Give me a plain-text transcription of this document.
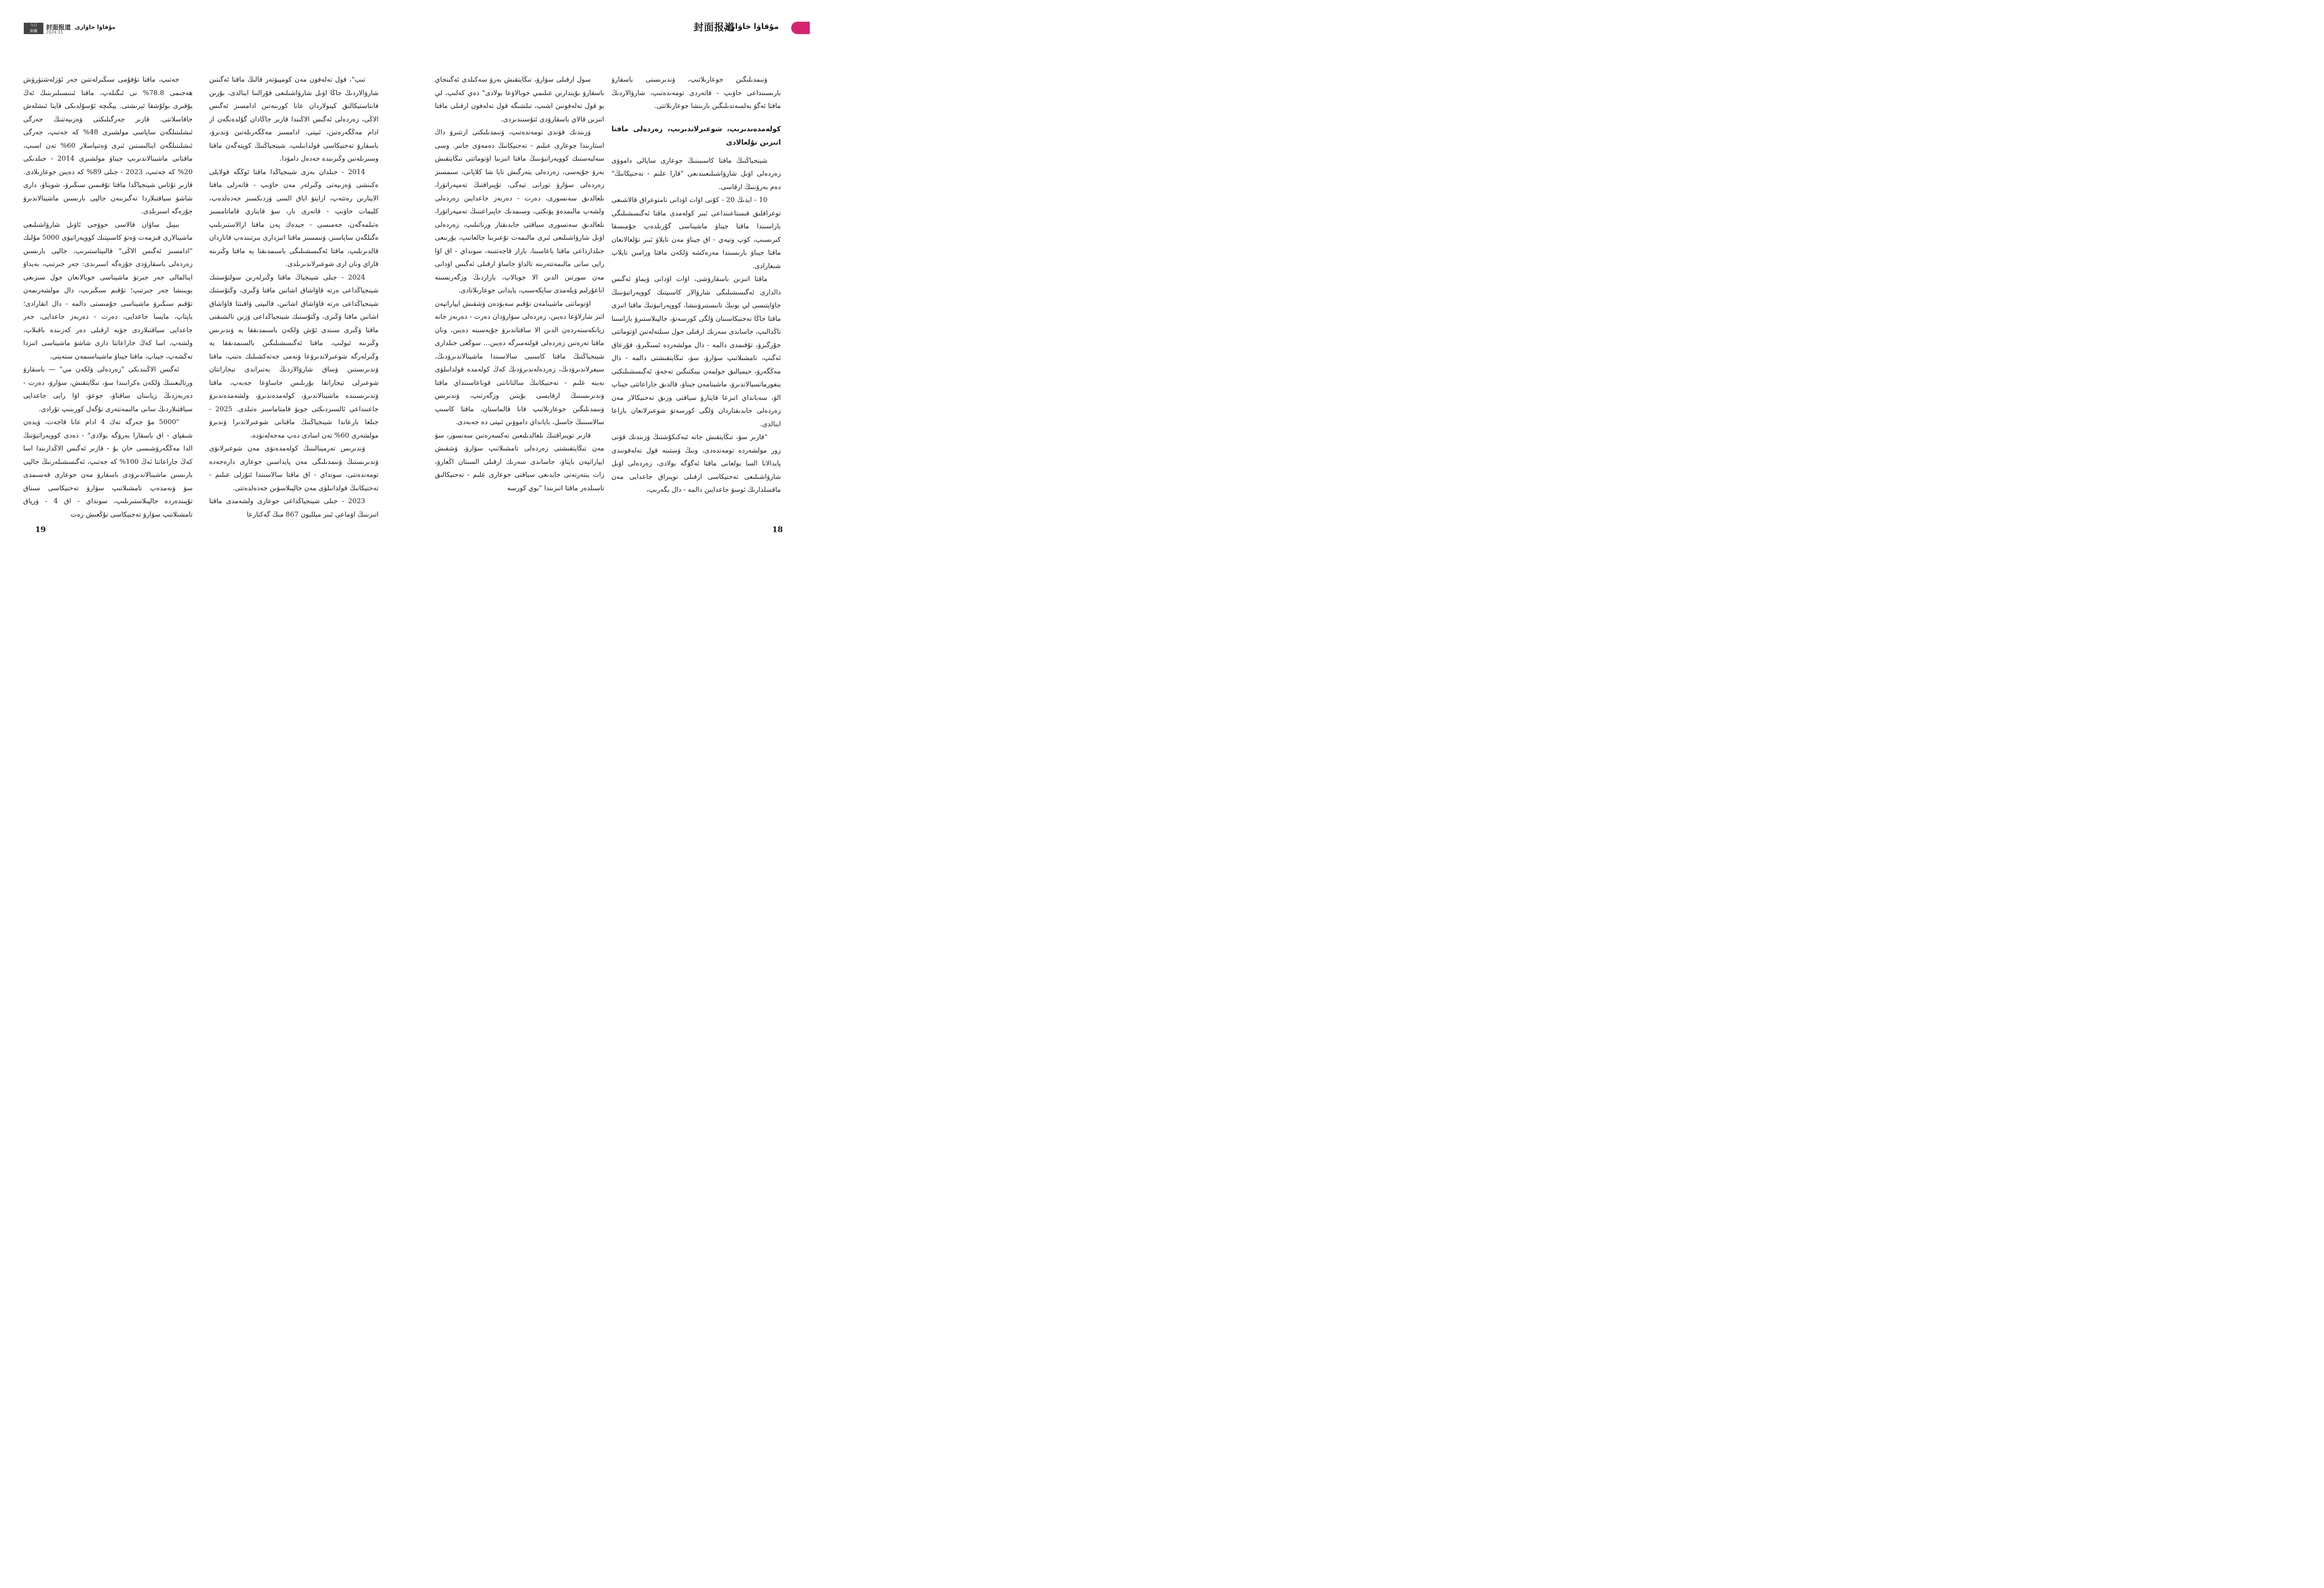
今日
新疆	封面报道
2024.11
مۇقاۋا خاۋارى

تىپ"، قول تەلەفون مەن كومپيۋتەر قالىڭ ماقتا ئەگىتىن شارۋالاردىڭ جاڭا اۋىل شارۋاشىلىعى قۇرالىنا اينالدى، بۇرىن فانتاستيكالىق كينولاردان عانا كورىنەتىن ادامسىز ئەگىس الاڭى، زەردەلى ئەگىس الاڭىندا قازىر جاڭادان گۇلدەنگەن از ادام مەڭگەرەتىن، ئىپتى، ادامسىز مەڭگەرىلەتىن ۋندىرۋ، باسقارۋ تەحنيكاسى قولدانىلىپ، شينجياڭنىڭ كوپتەگەن ماقتا وسىرىلەتىن وڭىرىندە جەدەل دامۋدا.

2014 - جىلدان بەرى شينجياڭدا ماقتا ئوڭگە قولايلى ەكىنشى ۋەزىيەتى وڭىرلەر مەن حاۋىپ - قاتەرلى ماقتا الاپتارىن رەتتەپ، ازايتۋ اياق السى ۋزدىكسىز جەدەلدەپ، كليمات حاۋىپ - قاتەرى بار، سۋ قايناري قاماتامسىز ەتىلمەگەن، جەمىسى - جيدەك پەن ماقتا ارالاستىرىلىپ ەگىلگەن ساپاسىز، ۋنىمسىز ماقتا اتىزدارى بىرتىندەپ قاتاردان قالدىرىلىپ، ماقتا ئەگىسشىلىگى باسىمدىقتا يە ماقتا وڭىرىنە قاراي ونان ارى شوعىرلاندىرىلدى.

2024 - جىلى شينجياڭ ماقتا وڭىرلەرىن سولتۇستىك شينجياڭداعى ەرتە قاۋاشاق اشاتىن ماقتا ۋڭىرى، وڭتۇستىك شينجياڭداعى ەرتە قاۋاشاق اشاتىن، قالىپتى ۋاقىتتا قاۋاشاق اشاتىن ماقتا ۋڭىرى، وڭتۇستىك شينجياڭداعى ۋزىن تالشىقتى ماقتا ۋڭىرى سىندى ئۇش ۋلكەن باسىمدىققا يە ۋندىرىس وڭىرىنە ئبولىپ، ماقتا ئەگىسشىلىگىن بالسىمدىققا يە وڭىرلەرگە شوعىرلاندىرۋعا ۋنەمى جەتەكشىلىك ەتىپ، ماقتا ۋندىرىستىن ۋساق شارۋالاردىڭ بەتىراندى تيجاراتتان شوعىرلى تيجاراتقا بۇرىلىس جاساۋعا جەبەپ، ماقتا ۋندىرىسىندە ماشينالاندىرۋ، كولەمدەندىرۋ، ولشەمدەندىرۋ جاعىنداعى ئالسىزدىكتى جويۋ قامتاماسىز ەتىلدى. 2025 - جىلعا بارعاندا شينجياڭنىڭ ماقتانى شوعىرلاندىرا ۋندىرۋ مولشەرى 60% تەن اسادى دەپ مەجەلەنۋدە.

ۋندىرىس تەرمينالىنىڭ كولەمدەنۋى مەن شوعىرلانۋى ۋندىرىستىڭ ۋنىمدىلىگى مەن پايداسىن جوعارى دارەجەدە تومەندەتتى، سونداي - اق ماقتا سالاسىندا ئتۇرلى عىلىم - تەحنيكانىڭ قولدانىلۋى مەن جالپىلاسۋىن جەدەلدەتتى.

2023 - جىلى شينجياڭداعى جوعارى ولشەمدى ماقتا اتىزىنىڭ اۋماعى ئبىر ميلليون 867 مىڭ گەكتارعا

جەتىپ، ماقتا تۇقۇمى سىڭىرلەتتىن جەر ئۆزلەشتۈرۈش ھەجىمى 78.8% نى ئىگىلەپ، ماقتا ئىنىسىلىرىنىڭ ئەڭ يۇقىرى بولۇشقا ئېرىشتى. يېڭىچە ئۇسۇلدىكى قايتا ئىشلەش جاقاسلانتى. قازىر جەرگىلىكتى ۋەزىيەتنىڭ جەرگى ئىشلىتىلگەن ساپاسى مولشىرى 48% كە جەتىپ، جەرگى ئىشلىتىلگەن اينالىستىن ئىرى ۋەتىپاسلار 60% تەن اسىپ، ماقتانى ماشينالاندىرىپ جيناۋ مولشىرى 2014 - جىلدىكى 20% كە جەتىپ، 2023 - جىلى 89% كە دەيىن جوعارىلادى. قازىر تۇتاس شينجياڭدا ماقتا تۇقىمىن سىڭىرۋ، شوپتاۋ، دارى شاشۋ سياقتىلاردا تەگىزىنەن جالپى بارىسىن ماشينالاندىرۋ جۇزەگە اسىرىلدى.

بىيىل ساۋان قالاسى حوۋجى ئاۋىل شارۋاشىلىعى ماشينالارى قىزمەت ۋەتۋ كاسىپتىك كووپەراتيۋى 5000 مۇلىك "ادامسىز ئەگىس الاڭى" قالىپتاستىرىپ، جالپى بارىسىن زەردەلى باسقارۋدى جۇزەگە اسىرىدى: جەر جىرتىپ، بەيداۋ اينالمالى جەر جىرتۋ ماشيناسى جوبالانعان جول سىزىعى بويىنشا جەر جىرتىپ؛ تۇقىم سىڭىرىپ، دال مولشەرىمەن تۇقىم سىڭىرۋ ماشيناسى جۇمىستى دالمە - دال اتقارادى؛ باپتاپ، مايسا جاعدايى، دەرت - دەربەز جاعدايى، جەر جاعدايى سياقتىلاردى جۋيە ارقىلى دەر كەزىندە باقىلاپ، ولشەپ، اسا كەڭ جاراعاتتا دارى شاشۋ ماشيناسى اتىزدا تەڭشەپ، جيناپ، ماقتا جيناۋ ماشيناسىمەن ستەپتى.

ئەگىس الاڭىندىكى "زەردەلى ۋلكەن مي" — باسقارۋ ورتالىعىنىڭ ۋلكەن ەكرانىندا سۋ، تىڭايتقىش، سۋارۋ، دەرت - دەربەزدىڭ زيانىنان ساقتاۋ، جوعۋ، اۋا رايى جاعدايى سياقتىلاردىڭ سانى مالىمەتتەرى تۇگەل كورىنىپ تۇرادى.

"5000 مۇ جەرگە تەك 4 ادام عانا قاجەت، ۋيدەن شىقپاي - اق باسقارا بەرۋگە بولادى" - دەدى كووپەراتيۋتىڭ الدا مەڭگەرۋشىسى حان بۇ - قازىر ئەگىس الاڭدارىندا اسا كەڭ جاراعاتتا ئەڭ 100% كە جەتىپ، ئەگىسشىلەرنىڭ جالپى بارىسىن ماشينالاندىرۋدى باسقارۋ مەن جوعارى قەسىمدى سۋ ۋنەمدەپ تامشىلاتىپ سۋارۋ تەحنيكاسى سىناق تۇپىندەردە جالپىلاستىرىلىپ، سونداي - اق 4 - ۋرپاق تامشىلاتىپ سۋارۋ تەحنيكاسى تۇڭعىش رەت

19
封面报道
مۇقاۋا خاۋارى

ۋنىمدىلىگىن جوعارىلاتىپ، ۋندىرىستى باسقارۋ بارىسىنداعى حاۋىپ - قاتەردى تومەندەتىپ، شارۋالاردىڭ ماقتا ئەگۋ بەلسەندىلىگىن بارىنشا جوعارىلاتتى.

كولەمدەندىرىپ، شوعىرلاندىرىپ، زەردەلى ماقتا اتىزىن تۇلعالادى

شينجياڭنىڭ ماقتا كاسىبىنىڭ جوعارى ساپالى داموۋى زەردەلى اۋىل شارۋاشىلىعىندىعى "قارا علىم - تەحنيكانىڭ" دەم بەرۋىنىڭ ارقاسى.

10 - ايدىڭ 20 - كۇنى اۋات اۋدانى تامتوعراق قالاشىعى توعراقلىق قىستاعىنداعى ئبىر كولەمدى ماقتا ئەگىسشىلىگى بازاسىندا ماقتا جيناۋ ماشيناسى گۇرىلدەپ جۇمىسقا كىرىسىپ، كوپ وتپەي - اق جيناۋ مەن تايلاۋ ئبىر تۇلعالانعان ماقتا جيناۋ بارىسىندا مەرەكشە ۋلكەن ماقتا ورامىن تايلاپ شىعارادى.

ماقتا اتىزىن باسقارۋشى، اۋات اۋدانى ۋيماۋ ئەگىس دالدارى ئەگىسشىلىگى شارۋالار كاسىپتىك كووپەراتيۋىنىڭ جاۋاپتىسى لي بونىڭ تانىستىرۋىنشا، كووپەراتيۋتىڭ ماقتا اتىزى ماقتا جاڭا تەحنيكاسىنان ۋلگى كورسەتۋ، جالپىلاستىرۋ بازاسىنا تاڭدالىپ، جاساندى سەرىك ارقىلى جول سىلتەلەتىن اۋتوماتتى جۇرگىزۋ، تۇقىمدى دالمە - دال مولشەردە ئسىڭىرۋ، قۇرعاق ئەگىپ، تامشىلاتىپ سۋارۋ، سۋ، تىڭايتقىشتى دالمە - دال مەڭگەرۋ، حيميالىق جولمەن بيىكتىگىن تەجەۋ، ئەگىسشىلىكتى ينفورماتسيالاندىرۋ، ماشينامەن جيناۋ، قالدىق جاراعاتتى جيناپ الۋ، سەبانداي اتىزعا قايتارۋ سياقتى وزىق تەحنيكالار مەن زەردەلى جابدىقتاردان ۋلگى كورسەتۋ شوعىرلانعان بازاعا اينالدى.

"قازىر سۋ، تىڭايتقىش جانە ئبەكىكۇشتىڭ ۋزىندىك قۋنى زور مولشەردە تومەندەدى، ونىڭ ۋستىنە قول تەلەفونىدى پايدالانا السا بولعانى ماقتا ئەگۋگە بولادى، زەردەلى اۋىل شارۋاشىلىعى تەحنيكاسى ارقىلى توپىراق جاعدايى مەن ماقسلدارىڭ ئوسۋ جاعدايىن دالمە - دال يگەرىپ،

سول ارقىلى سۋارۋ، تىڭايتقىش بەرۋ سەكىلدى ئەگىنجاي باسقارۋ بۇيندارىن عىلىمي جوبالاۋعا بولادى" دەي كەلىپ، لي بو قول تەلەفونىن اشىپ، تىلشىگە قول تەلەفون ارقىلى ماقتا اتىزىن قالاي باسقارۋدى ئتۇسىندىردى.

ۋزىندىك قۋندى تومەندەتىپ، ۋنىمدىلىكتى ارتتىرۋ داڭ استارىندا جوعارى عىلىم - تەحنيكانىڭ دەمەۋى جاتىر. وسى سەلبەستىك كووپەراتيۋىنىڭ ماقتا اتىزىنا اۋتوماتتى تىڭايتقىش بەرۋ جۇيەسى، زەردەلى يتەرگىش تايا شا كلاپانى، سىمسىز زەردەلى سۋارۋ تورابى تيەگى، تۇپىراقتىڭ تەمپەراتۋرا، ىلعالدىق سەنسورى، دەرت - دەربەز جاعدايىن زەردەلى ولشەپ مالىمدەۋ پۋنكتى، وسىمدىك جاپىراعىنىڭ تەمپەراتۋرا، ىلعالدىق سەنسورى سياقتى جابدىقتار ورناتىلىپ، زەردەلى اۋىل شارۋاشىلىعى ئىرى مالىمەت تۇعىرىنا جالعانىپ، بۇرىنعى جىلدارداعى ماقتا باعاسىنا، بازار قاجەتتىنە، سونداي - اق اۋا رايى سانى مالىمەتتەرىنە تالداۋ جاساۋ ارقىلى ئەگىس اۋدانى مەن سورتىن الدىن الا جوبالاپ، بازاردىڭ وزگەرىسىنە اناعۇرلىم ۋيلەمدى سايكەسىپ، پايدانى جوعارىلاتادى.

اۋتوماتتى ماشينامەن تۇقىم سەبۋدەن ۋشقىش اپپاراتپەن اتىز شارلاۋعا دەيىن، زەردەلى سۋارۋدان دەرت - دەربەز جانە زيانكەستەردەن الدىن الا ساقتاندىرۋ جۇيەسىنە دەيىن، ونان ماقتا تەرەتىن زەردەلى قولتەمىرگە دەيىن… سوڭعى جىلدارى شينجياڭنىڭ ماقتا كاسىبى سالاسىندا ماشينالاندىرۋدىڭ، سيفرلاندىرۋدىڭ، زەردەلەندىرۋدىڭ كەڭ كولەمدە قولدانىلۋى بەينە علىم - تەحنيكانىڭ سالتانانتى قوناعاسىنداي ماقتا ۋندىرىسىنىڭ ارقايسى بۇينىن وزگەرتىپ، ۋندىرىس ۋنىمدىلىگىن جوعارىلاتىپ قانا قالماستان، ماقتا كاسىپ سالاسىنىڭ جاسىل، بايانداي داموۋىن ئىپتى دە جەبەدى.

قازىر توپىراقتىڭ ىلعالدىلىعىن تەكسەرەتىن سەنسور، سۋ مەن تىڭايتقىشتى زەردەلى تامشىلاتىپ سۋارۋ، ۋشقىش اپپاراتپەن باپتاۋ، جاساندى سەرىك ارقىلى السىتان اڭعارۋ، زات ينتەرنەتى جابدىعى سياقتى جوعارى علىم - تەحنيكالىق تاسىلدەر ماقتا اتىزىندا "بوي كورسە

18
